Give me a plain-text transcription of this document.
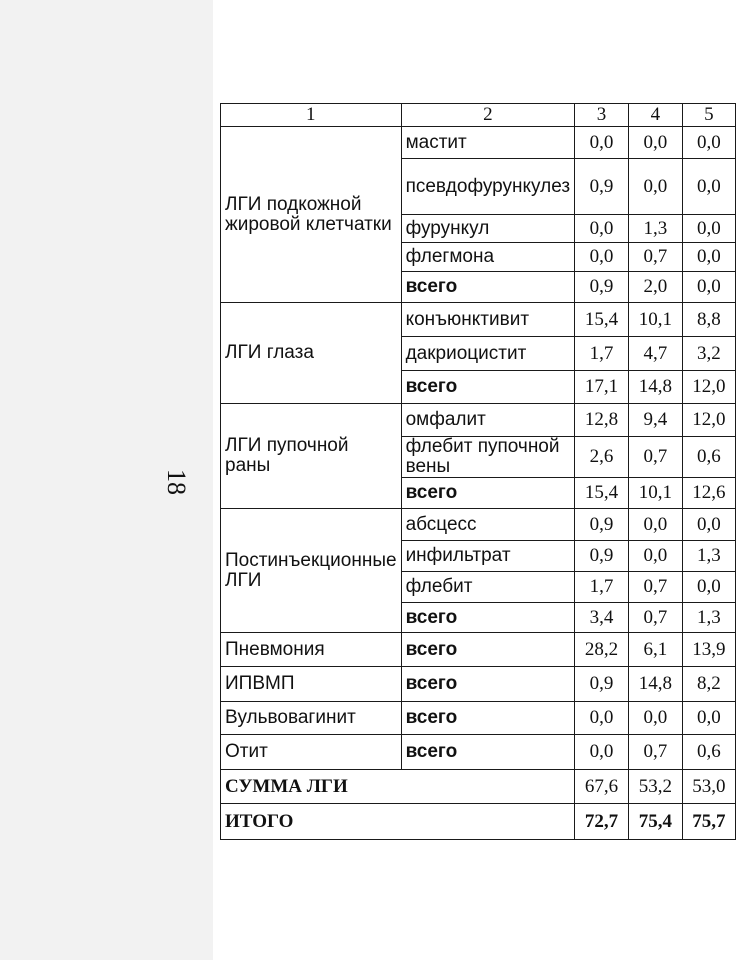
18
1	2	3	4	5
ЛГИ подкожной жировой клетчатки	мастит	0,0	0,0	0,0
	псевдофурункулез	0,9	0,0	0,0
	фурункул	0,0	1,3	0,0
	флегмона	0,0	0,7	0,0
	всего	0,9	2,0	0,0
ЛГИ глаза	конъюнктивит	15,4	10,1	8,8
	дакриоцистит	1,7	4,7	3,2
	всего	17,1	14,8	12,0
ЛГИ пупочной раны	омфалит	12,8	9,4	12,0
	флебит пупочной вены	2,6	0,7	0,6
	всего	15,4	10,1	12,6
Постинъекционные ЛГИ	абсцесс	0,9	0,0	0,0
	инфильтрат	0,9	0,0	1,3
	флебит	1,7	0,7	0,0
	всего	3,4	0,7	1,3
Пневмония	всего	28,2	6,1	13,9
ИПВМП	всего	0,9	14,8	8,2
Вульвовагинит	всего	0,0	0,0	0,0
Отит	всего	0,0	0,7	0,6
СУММА ЛГИ		67,6	53,2	53,0
ИТОГО		72,7	75,4	75,7
